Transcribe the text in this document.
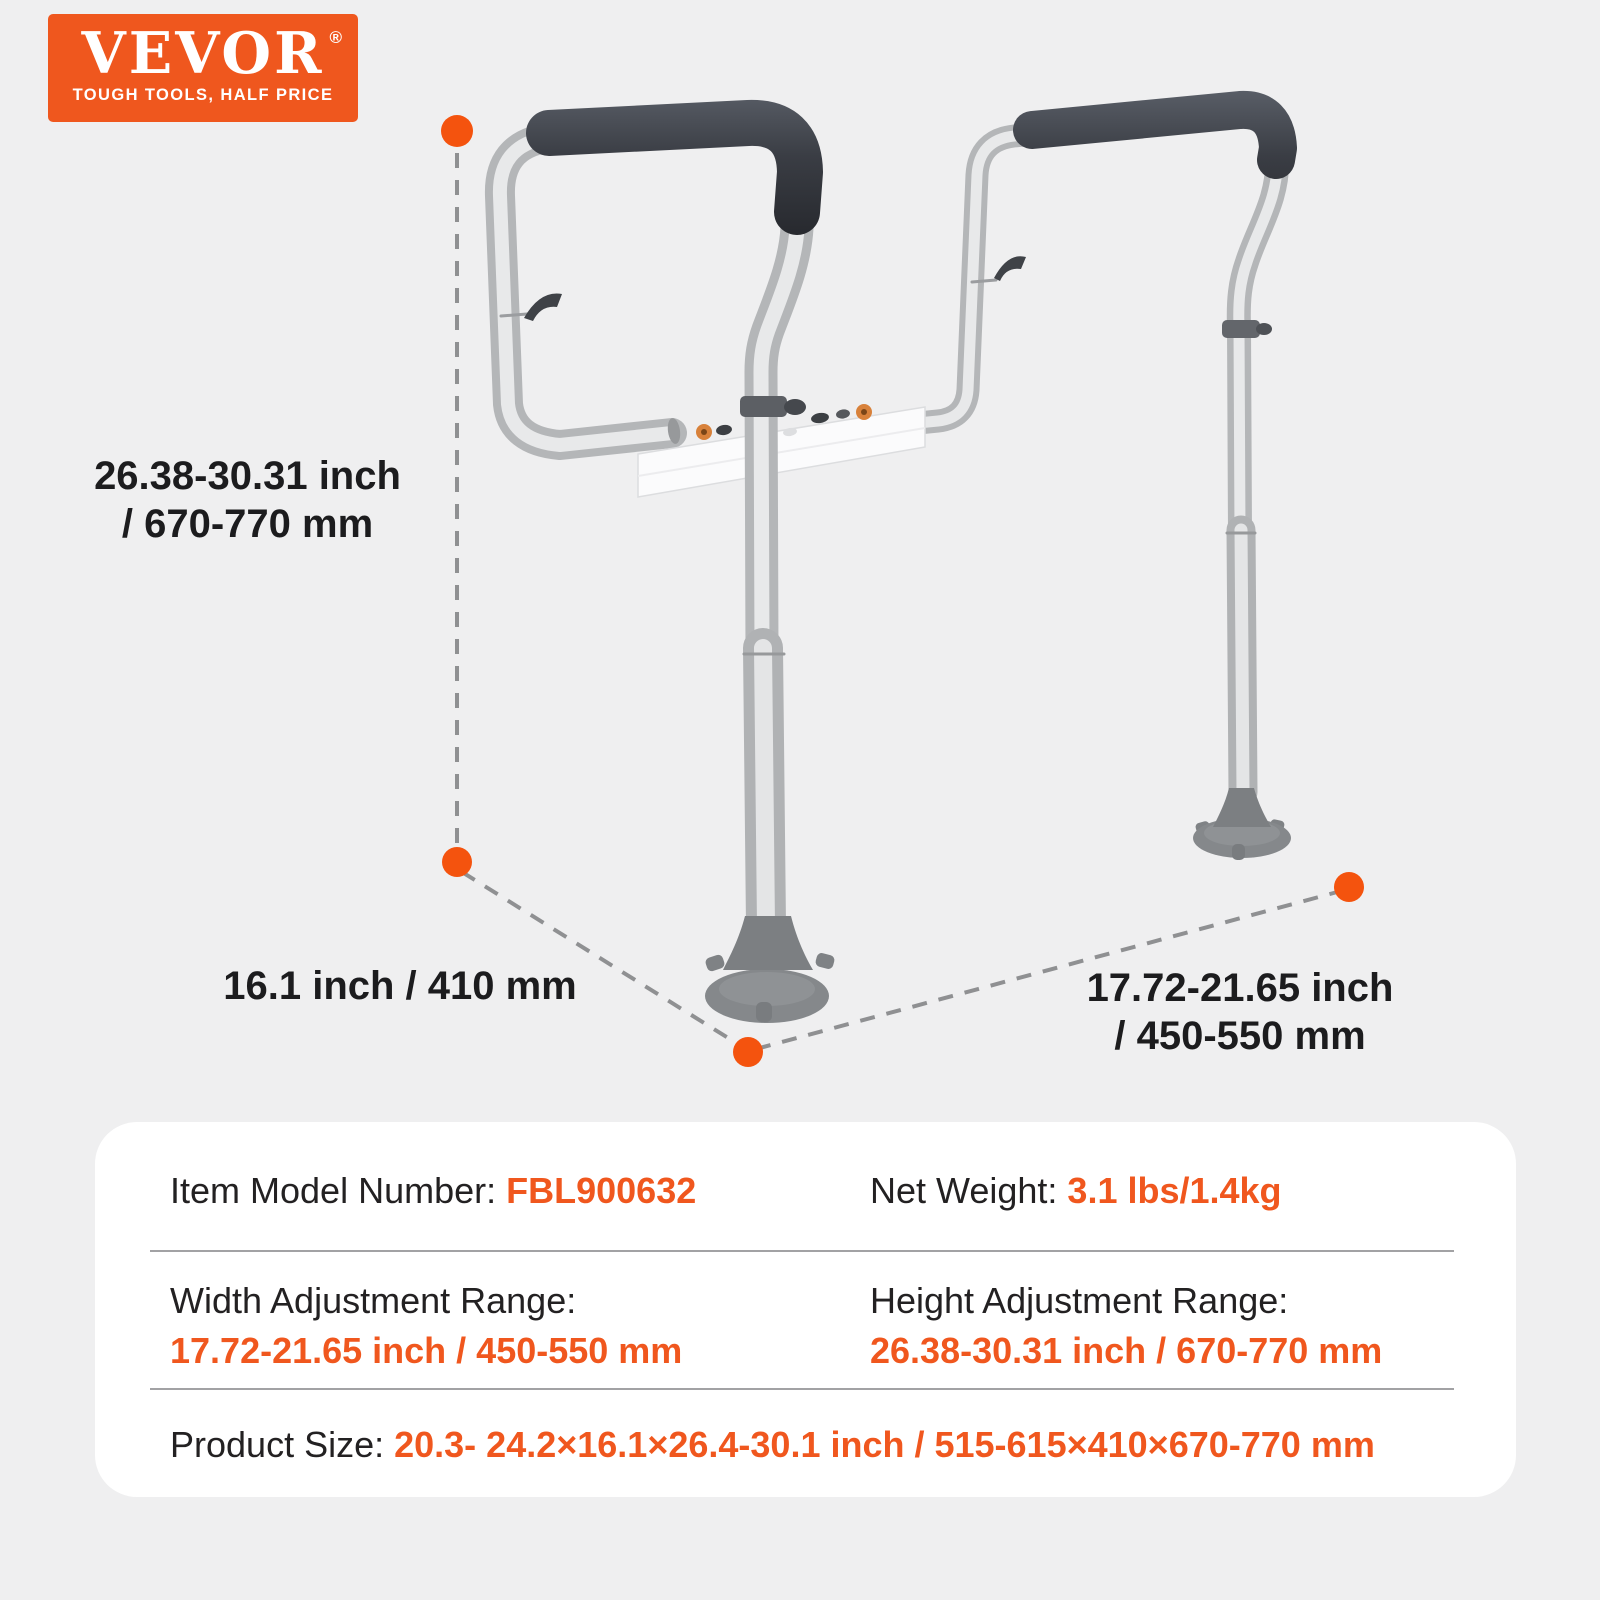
VEVOR ®
TOUGH TOOLS, HALF PRICE
26.38-30.31 inch
/ 670-770 mm
16.1 inch / 410 mm	17.72-21.65 inch
/ 450-550 mm
Item Model Number: FBL900632	Net Weight: 3.1 lbs/1.4kg
Width Adjustment Range:
17.72-21.65 inch / 450-550 mm
Height Adjustment Range:
26.38-30.31 inch / 670-770 mm
Product Size: 20.3- 24.2×16.1×26.4-30.1 inch / 515-615×410×670-770 mm
